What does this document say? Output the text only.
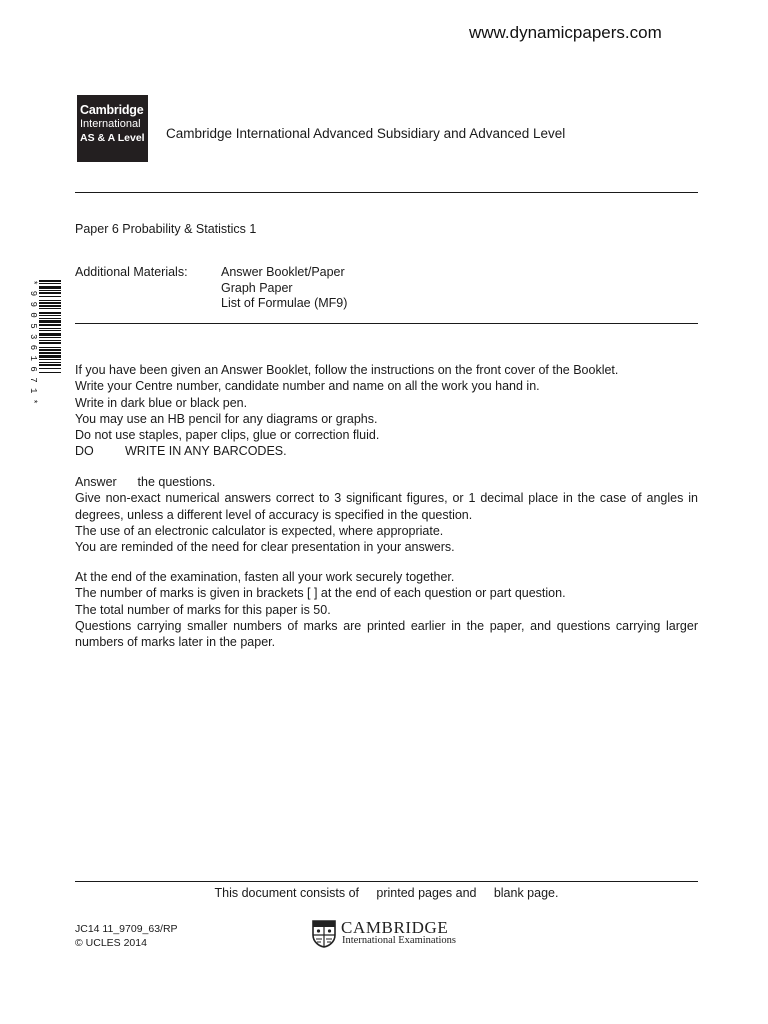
www.dynamicpapers.com
Cambridge
International
AS & A Level Cambridge International Advanced Subsidiary and Advanced Level
Paper 6 Probability & Statistics 1
Additional Materials:	Answer Booklet/Paper
Graph Paper
List of Formulae (MF9)
* 9 9 0 5 3 6 1 6 7 1 *	If you have been given an Answer Booklet, follow the instructions on the front cover of the Booklet.
Write your Centre number, candidate number and name on all the work you hand in.
Write in dark blue or black pen.
You may use an HB pencil for any diagrams or graphs.
Do not use staples, paper clips, glue or correction fluid.
DO         WRITE IN ANY BARCODES.
Answer      the questions.
Give non-exact numerical answers correct to 3 significant figures, or 1 decimal place in the case of angles in degrees, unless a different level of accuracy is specified in the question.
The use of an electronic calculator is expected, where appropriate.
You are reminded of the need for clear presentation in your answers.
At the end of the examination, fasten all your work securely together.
The number of marks is given in brackets [ ] at the end of each question or part question.
The total number of marks for this paper is 50.
Questions carrying smaller numbers of marks are printed earlier in the paper, and questions carrying larger numbers of marks later in the paper.
This document consists of     printed pages and     blank page.
JC14 11_9709_63/RP
© UCLES 2014
CAMBRIDGE
International Examinations
